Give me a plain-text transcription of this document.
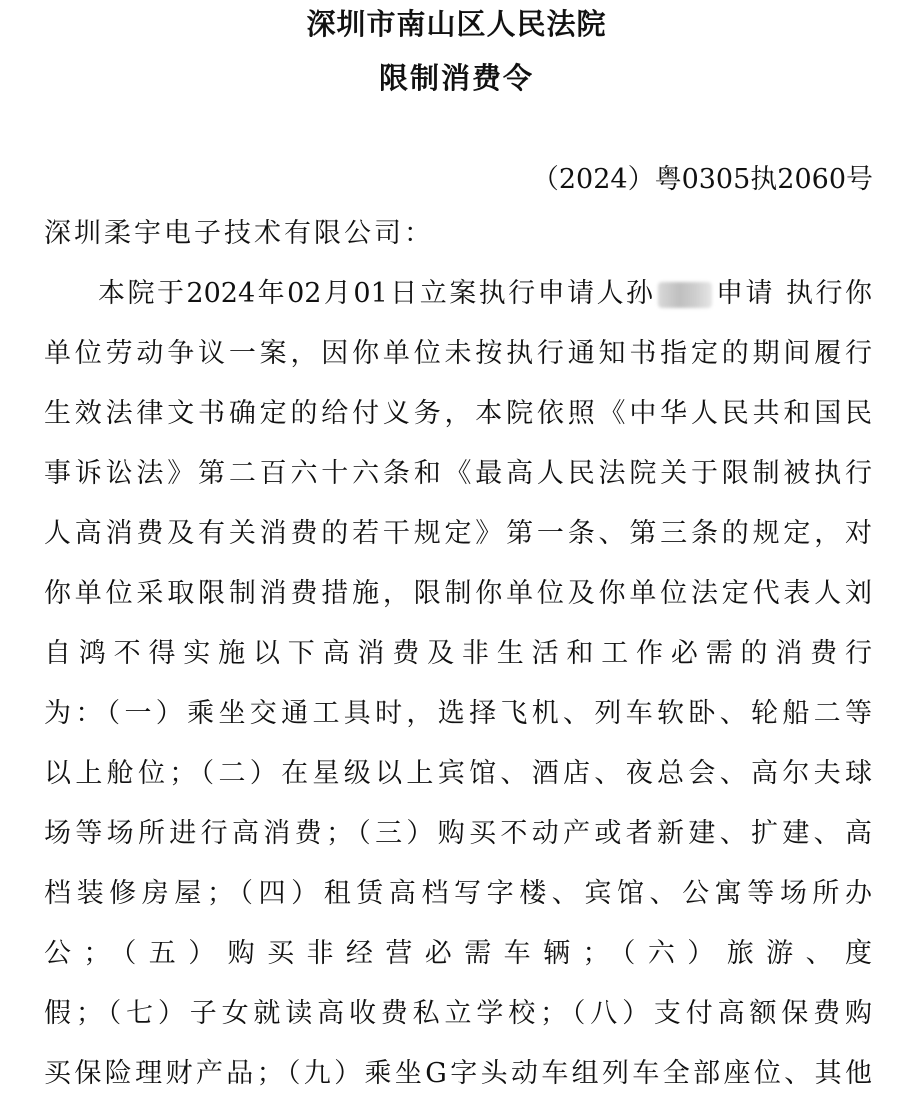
深圳市南山区人民法院
限制消费令
（2024）粤0305执2060号
深圳柔宇电子技术有限公司：
本院于2024年02月01日立案执行申请人孙 申请 执行你
单位劳动争议一案，因你单位未按执行通知书指定的期间履行
生效法律文书确定的给付义务，本院依照《中华人民共和国民
事诉讼法》第二百六十六条和《最高人民法院关于限制被执行
人高消费及有关消费的若干规定》第一条、第三条的规定，对
你单位采取限制消费措施，限制你单位及你单位法定代表人刘
自鸿不得实施以下高消费及非生活和工作必需的消费行
为：（一）乘坐交通工具时，选择飞机、列车软卧、轮船二等
以上舱位；（二）在星级以上宾馆、酒店、夜总会、高尔夫球
场等场所进行高消费；（三）购买不动产或者新建、扩建、高
档装修房屋；（四）租赁高档写字楼、宾馆、公寓等场所办
公；（五）购买非经营必需车辆；（六）旅游、度
假；（七）子女就读高收费私立学校；（八）支付高额保费购
买保险理财产品；（九）乘坐G字头动车组列车全部座位、其他
